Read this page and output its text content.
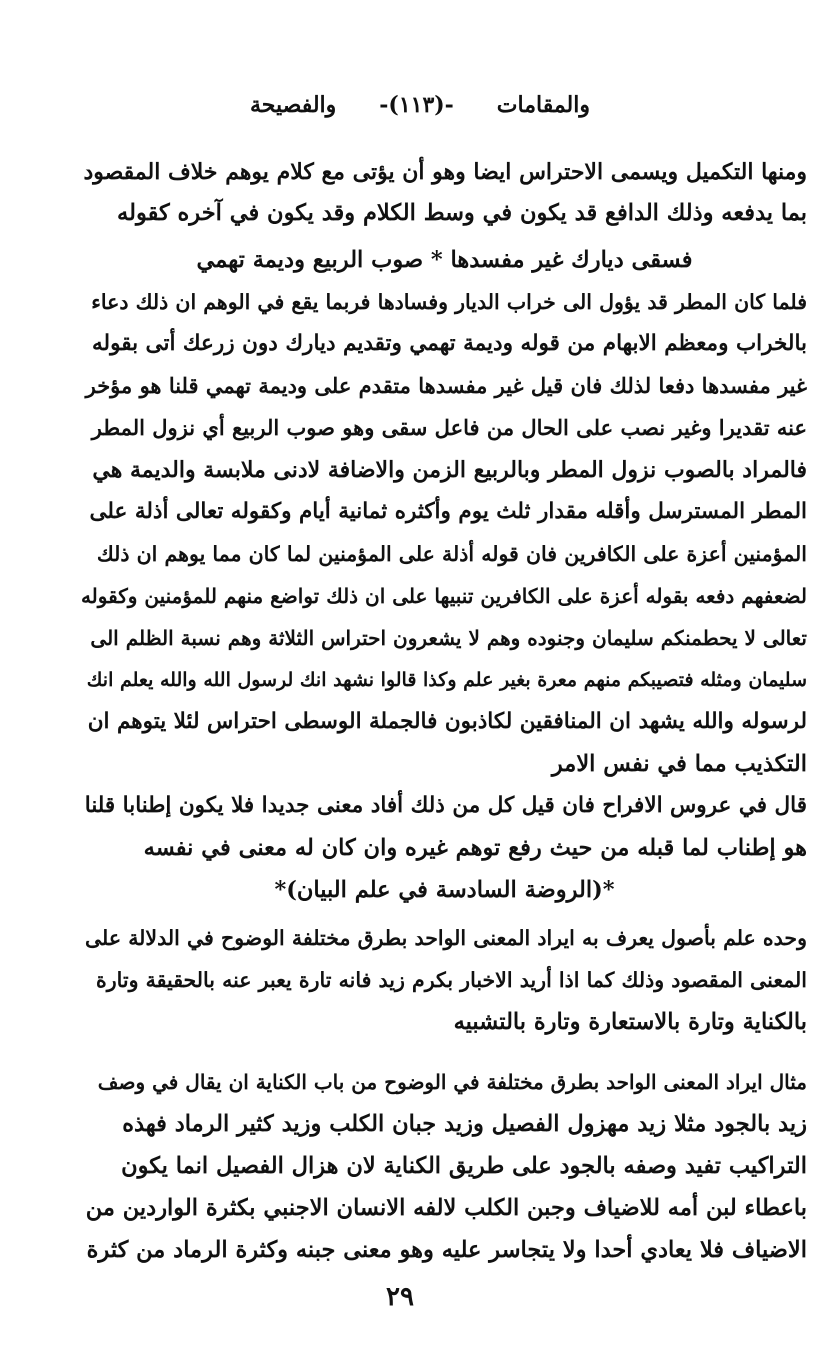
والمقامات
-(١١٣)-
والفصيحة
ومنها التكميل ويسمى الاحتراس ايضا وهو أن يؤتى مع كلام يوهم خلاف المقصود
بما يدفعه وذلك الدافع قد يكون في وسط الكلام وقد يكون في آخره كقوله
فسقى ديارك غير مفسدها * صوب الربيع وديمة تهمي
فلما كان المطر قد يؤول الى خراب الديار وفسادها فربما يقع في الوهم ان ذلك دعاء
بالخراب ومعظم الابهام من قوله وديمة تهمي وتقديم ديارك دون زرعك أتى بقوله
غير مفسدها دفعا لذلك فان قيل غير مفسدها متقدم على وديمة تهمي قلنا هو مؤخر
عنه تقديرا وغير نصب على الحال من فاعل سقى وهو صوب الربيع أي نزول المطر
فالمراد بالصوب نزول المطر وبالربيع الزمن والاضافة لادنى ملابسة والديمة هي
المطر المسترسل وأقله مقدار ثلث يوم وأكثره ثمانية أيام وكقوله تعالى أذلة على
المؤمنين أعزة على الكافرين فان قوله أذلة على المؤمنين لما كان مما يوهم ان ذلك
لضعفهم دفعه بقوله أعزة على الكافرين تنبيها على ان ذلك تواضع منهم للمؤمنين وكقوله
تعالى لا يحطمنكم سليمان وجنوده وهم لا يشعرون احتراس الثلاثة وهم نسبة الظلم الى
سليمان ومثله فتصيبكم منهم معرة بغير علم وكذا قالوا نشهد انك لرسول الله والله يعلم انك
لرسوله والله يشهد ان المنافقين لكاذبون فالجملة الوسطى احتراس لئلا يتوهم ان
التكذيب مما في نفس الامر
قال في عروس الافراح فان قيل كل من ذلك أفاد معنى جديدا فلا يكون إطنابا قلنا
هو إطناب لما قبله من حيث رفع توهم غيره وان كان له معنى في نفسه
*(الروضة السادسة في علم البيان)*
وحده علم بأصول يعرف به ايراد المعنى الواحد بطرق مختلفة الوضوح في الدلالة على
المعنى المقصود وذلك كما اذا أريد الاخبار بكرم زيد فانه تارة يعبر عنه بالحقيقة وتارة
بالكناية وتارة بالاستعارة وتارة بالتشبيه
مثال ايراد المعنى الواحد بطرق مختلفة في الوضوح من باب الكناية ان يقال في وصف
زيد بالجود مثلا زيد مهزول الفصيل وزيد جبان الكلب وزيد كثير الرماد فهذه
التراكيب تفيد وصفه بالجود على طريق الكناية لان هزال الفصيل انما يكون
باعطاء لبن أمه للاضياف وجبن الكلب لالفه الانسان الاجنبي بكثرة الواردين من
الاضياف فلا يعادي أحدا ولا يتجاسر عليه وهو معنى جبنه وكثرة الرماد من كثرة
٢٩
